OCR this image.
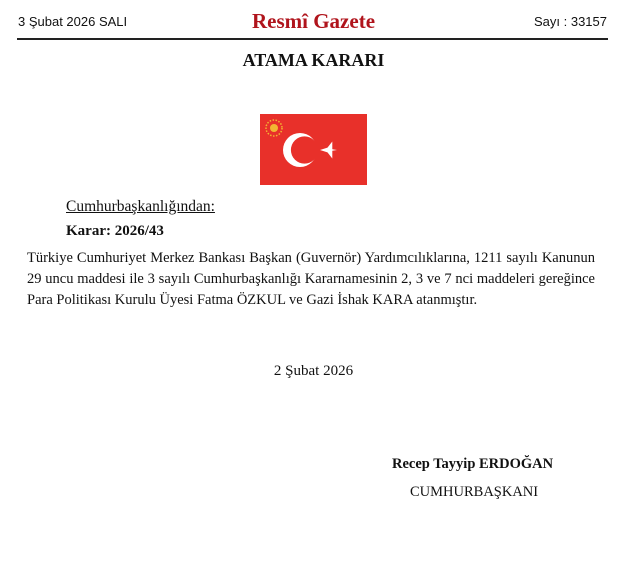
3 Şubat 2026 SALI	Resmî Gazete	Sayı : 33157
ATAMA KARARI
Cumhurbaşkanlığından:
Karar: 2026/43
Türkiye Cumhuriyet Merkez Bankası Başkan (Guvernör) Yardımcılıklarına, 1211 sayılı Kanunun 29 uncu maddesi ile 3 sayılı Cumhurbaşkanlığı Kararnamesinin 2, 3 ve 7 nci maddeleri gereğince Para Politikası Kurulu Üyesi Fatma ÖZKUL ve Gazi İshak KARA atanmıştır.
2 Şubat 2026
Recep Tayyip ERDOĞAN
CUMHURBAŞKANI
